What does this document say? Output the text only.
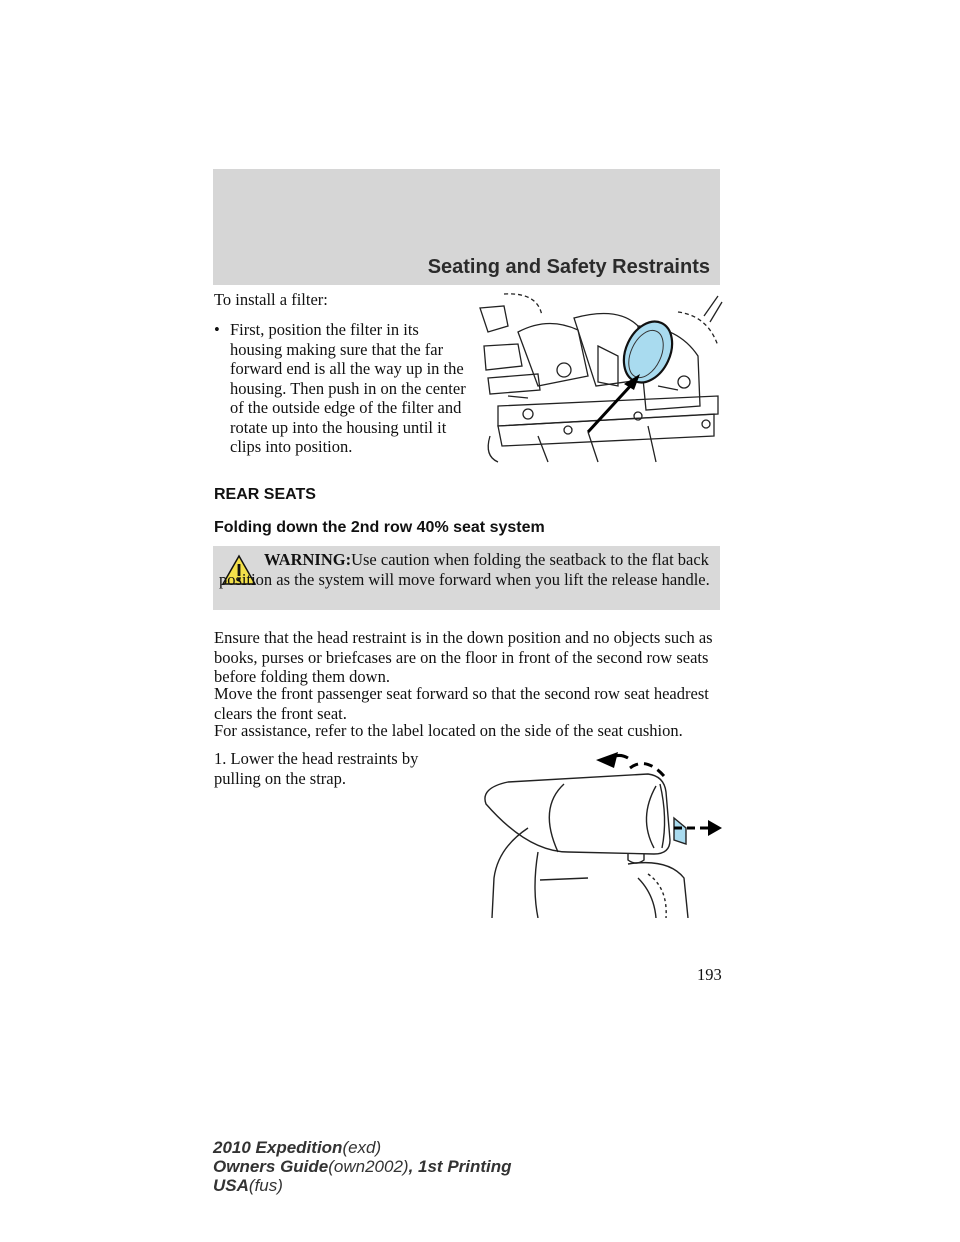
Seating and Safety Restraints
To install a filter:
• First, position the filter in its housing making sure that the far forward end is all the way up in the housing. Then push in on the center of the outside edge of the filter and rotate up into the housing until it clips into position.
REAR SEATS
Folding down the 2nd row 40% seat system
WARNING:Use caution when folding the seatback to the flat back position as the system will move forward when you lift the release handle.
Ensure that the head restraint is in the down position and no objects such as books, purses or briefcases are on the floor in front of the second row seats before folding them down.
Move the front passenger seat forward so that the second row seat headrest clears the front seat.
For assistance, refer to the label located on the side of the seat cushion.
1. Lower the head restraints by pulling on the strap.
193
2010 Expedition(exd)
Owners Guide(own2002), 1st Printing
USA(fus)
